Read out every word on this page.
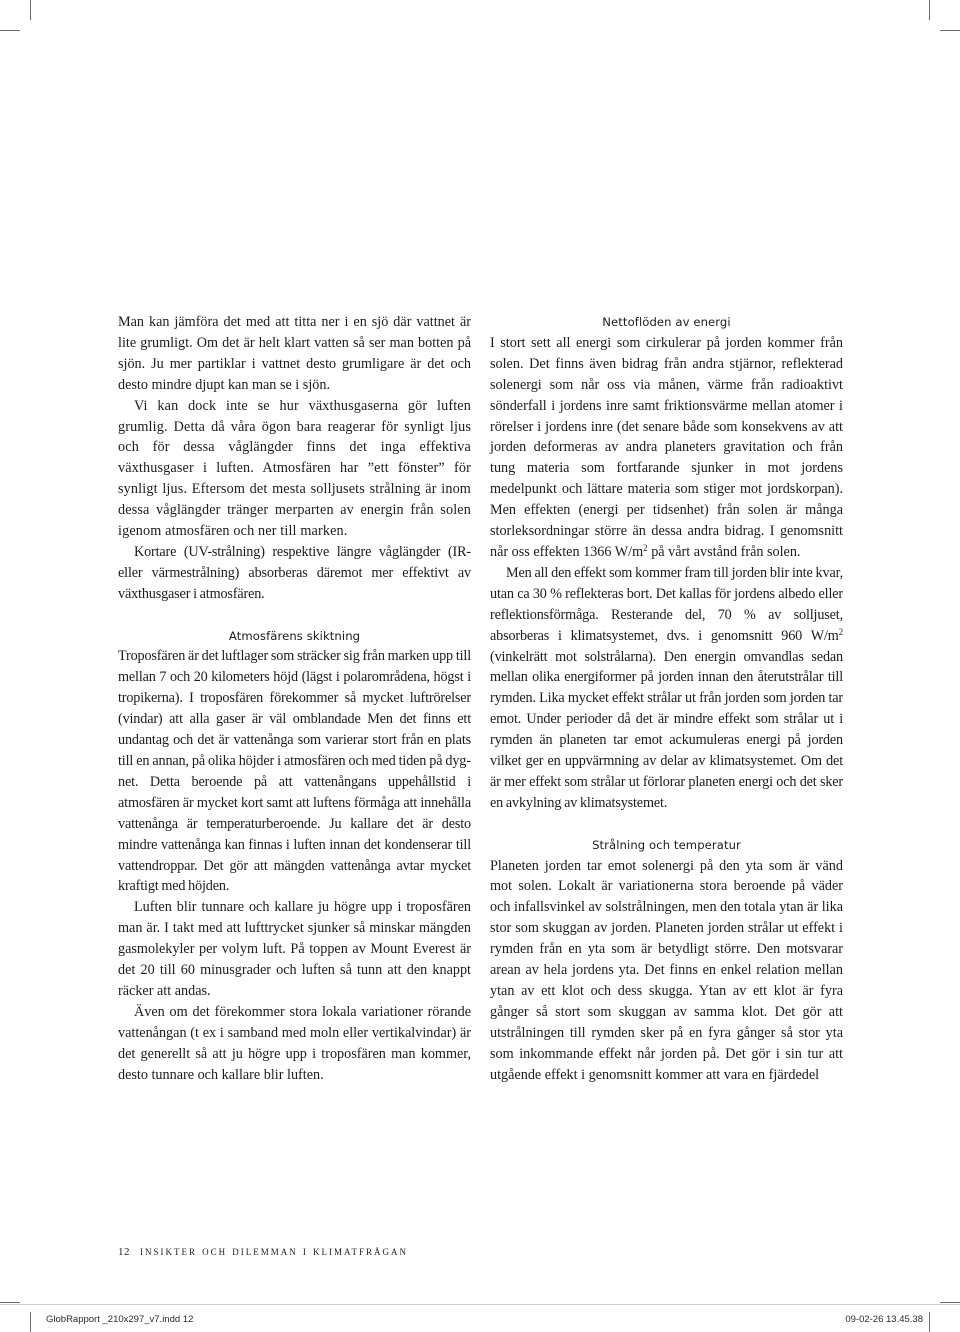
Man kan jämföra det med att titta ner i en sjö där vattnet är lite grumligt. Om det är helt klart vatten så ser man botten på sjön. Ju mer partiklar i vattnet desto grumligare är det och desto mindre djupt kan man se i sjön.

Vi kan dock inte se hur växthusgaserna gör luften grumlig. Detta då våra ögon bara reagerar för synligt ljus och för dessa våglängder finns det inga effektiva växthusgaser i luften. Atmosfären har ”ett fönster” för synligt ljus. Eftersom det mesta solljusets strålning är inom dessa våglängder tränger merparten av energin från solen igenom atmosfären och ner till marken.

Kortare (UV-strålning) respektive längre våglängder (IR- eller värmestrålning) absorberas däremot mer effektivt av växthusgaser i atmosfären.

Atmosfärens skiktning

Troposfären är det luftlager som sträcker sig från marken upp till mellan 7 och 20 kilometers höjd (lägst i polarområdena, högst i tropikerna). I troposfären förekommer så mycket luftrörelser (vindar) att alla gaser är väl omblandade Men det finns ett undantag och det är vattenånga som varierar stort från en plats till en annan, på olika höjder i atmosfären och med tiden på dygnet. Detta beroende på att vattenångans uppehållstid i atmosfären är mycket kort samt att luftens förmåga att innehålla vattenånga är temperaturberoende. Ju kallare det är desto mindre vattenånga kan finnas i luften innan det kondenserar till vattendroppar. Det gör att mängden vattenånga avtar mycket kraftigt med höjden.

Luften blir tunnare och kallare ju högre upp i troposfären man är. I takt med att lufttrycket sjunker så minskar mängden gasmolekyler per volym luft. På toppen av Mount Everest är det 20 till 60 minusgrader och luften så tunn att den knappt räcker att andas.

Även om det förekommer stora lokala variationer rörande vattenångan (t ex i samband med moln eller vertikalvindar) är det generellt så att ju högre upp i troposfären man kommer, desto tunnare och kallare blir luften.

Nettoflöden av energi

I stort sett all energi som cirkulerar på jorden kommer från solen. Det finns även bidrag från andra stjärnor, reflekterad solenergi som når oss via månen, värme från radioaktivt sönderfall i jordens inre samt friktionsvärme mellan atomer i rörelser i jordens inre (det senare både som konsekvens av att jorden deformeras av andra planeters gravitation och från tung materia som fortfarande sjunker in mot jordens medelpunkt och lättare materia som stiger mot jordskorpan). Men effekten (energi per tidsenhet) från solen är många storleksordningar större än dessa andra bidrag. I genomsnitt når oss effekten 1366 $W/m^2$ på vårt avstånd från solen.

Men all den effekt som kommer fram till jorden blir inte kvar, utan ca 30 % reflekteras bort. Det kallas för jordens albedo eller reflektionsförmåga. Resterande del, 70 % av solljuset, absorberas i klimatsystemet, dvs. i genomsnitt 960 $W/m^2$ (vinkelrätt mot solstrålarna). Den energin omvandlas sedan mellan olika energiformer på jorden innan den återutstrålar till rymden. Lika mycket effekt strålar ut från jorden som jorden tar emot. Under perioder då det är mindre effekt som strålar ut i rymden än planeten tar emot ackumuleras energi på jorden vilket ger en uppvärmning av delar av klimatsystemet. Om det är mer effekt som strålar ut förlorar planeten energi och det sker en avkylning av klimatsystemet.

Strålning och temperatur

Planeten jorden tar emot solenergi på den yta som är vänd mot solen. Lokalt är variationerna stora beroende på väder och infallsvinkel av solstrålningen, men den totala ytan är lika stor som skuggan av jorden. Planeten jorden strålar ut effekt i rymden från en yta som är betydligt större. Den motsvarar arean av hela jordens yta. Det finns en enkel relation mellan ytan av ett klot och dess skugga. Ytan av ett klot är fyra gånger så stort som skuggan av samma klot. Det gör att utstrålningen till rymden sker på en fyra gånger så stor yta som inkommande effekt når jorden på. Det gör i sin tur att utgående effekt i genomsnitt kommer att vara en fjärdedel

12 insikter och dilemman i klimatfrågan
GlobRapport _210x297_v7.indd 12	09-02-26 13.45.38
